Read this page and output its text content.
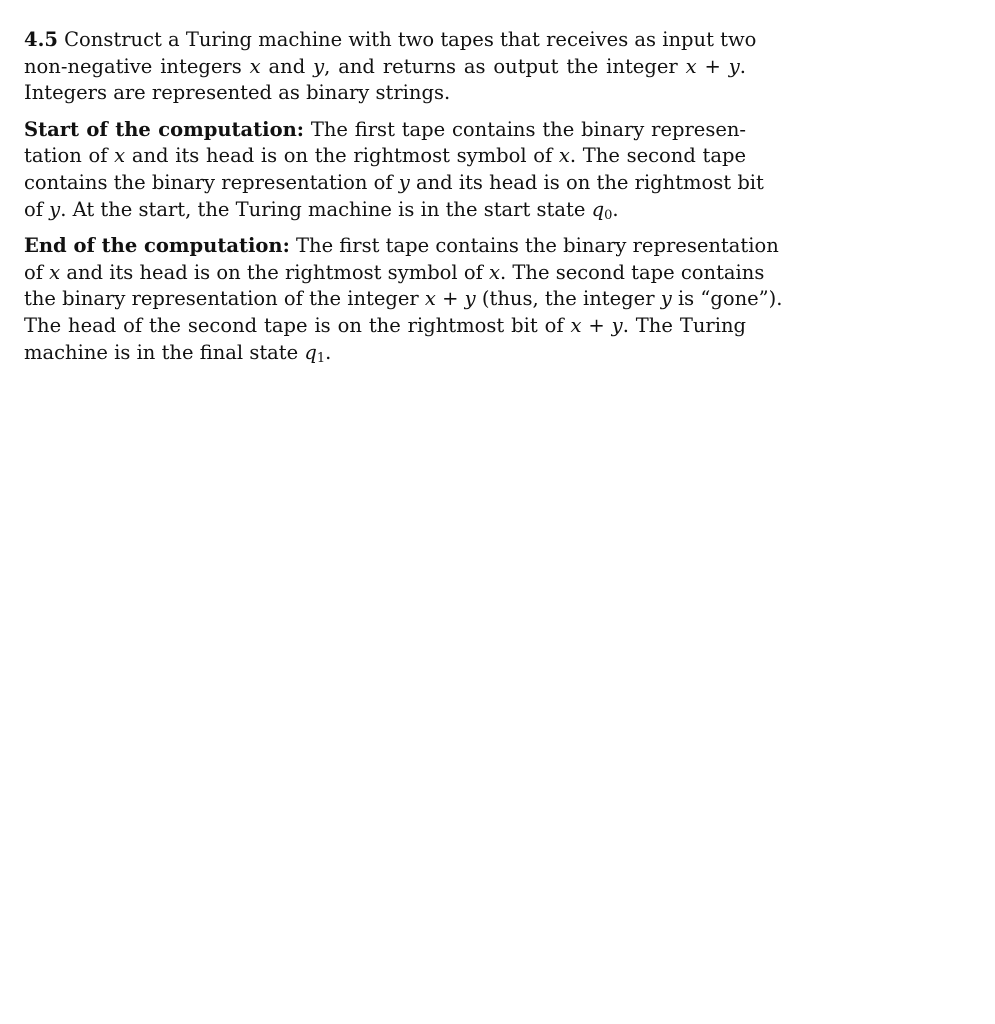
4.5 Construct a Turing machine with two tapes that receives as input two
non-negative integers x and y, and returns as output the integer x + y.
Integers are represented as binary strings.
Start of the computation: The first tape contains the binary represen-
tation of x and its head is on the rightmost symbol of x. The second tape
contains the binary representation of y and its head is on the rightmost bit
of y. At the start, the Turing machine is in the start state $q_0$.
End of the computation: The first tape contains the binary representation
of x and its head is on the rightmost symbol of x. The second tape contains
the binary representation of the integer x + y (thus, the integer y is “gone”).
The head of the second tape is on the rightmost bit of x + y. The Turing
machine is in the final state $q_1$.
